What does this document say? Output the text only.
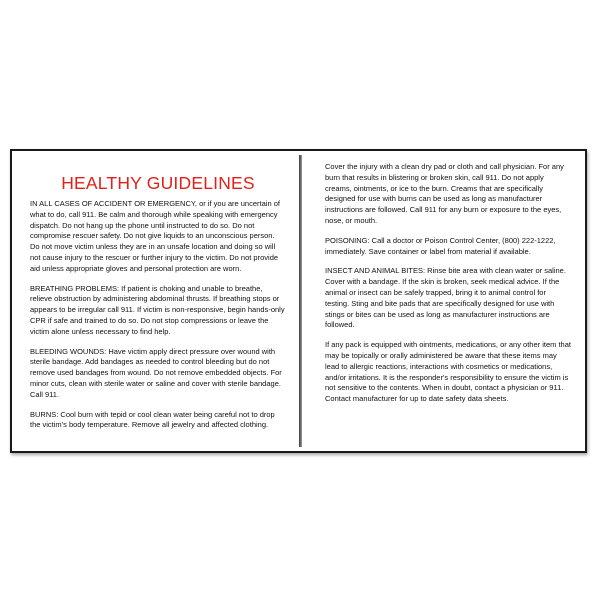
HEALTHY GUIDELINES

IN ALL CASES OF ACCIDENT OR EMERGENCY, or if you are uncertain of what to do, call 911. Be calm and thorough while speaking with emergency dispatch. Do not hang up the phone until instructed to do so. Do not compromise rescuer safety. Do not give liquids to an unconscious person. Do not move victim unless they are in an unsafe location and doing so will not cause injury to the rescuer or further injury to the victim. Do not provide aid unless appropriate gloves and personal protection are worn.

BREATHING PROBLEMS: If patient is choking and unable to breathe, relieve obstruction by administering abdominal thrusts. If breathing stops or appears to be irregular call 911. If victim is non-responsive, begin hands-only CPR if safe and trained to do so. Do not stop compressions or leave the victim alone unless necessary to find help.

BLEEDING WOUNDS: Have victim apply direct pressure over wound with sterile bandage. Add bandages as needed to control bleeding but do not remove used bandages from wound. Do not remove embedded objects. For minor cuts, clean with sterile water or saline and cover with sterile bandage. Call 911.

BURNS: Cool burn with tepid or cool clean water being careful not to drop the victim's body temperature. Remove all jewelry and affected clothing.

Cover the injury with a clean dry pad or cloth and call physician. For any burn that results in blistering or broken skin, call 911. Do not apply creams, ointments, or ice to the burn. Creams that are specifically designed for use with burns can be used as long as manufacturer instructions are followed. Call 911 for any burn or exposure to the eyes, nose, or mouth.

POISONING: Call a doctor or Poison Control Center, (800) 222-1222, immediately. Save container or label from material if available.

INSECT AND ANIMAL BITES: Rinse bite area with clean water or saline. Cover with a bandage. If the skin is broken, seek medical advice. If the animal or insect can be safely trapped, bring it to animal control for testing. Sting and bite pads that are specifically designed for use with stings or bites can be used as long as manufacturer instructions are followed.

If any pack is equipped with ointments, medications, or any other item that may be topically or orally administered be aware that these items may lead to allergic reactions, interactions with cosmetics or medications, and/or irritations. It is the responder's responsibility to ensure the victim is not sensitive to the contents. When in doubt, contact a physician or 911. Contact manufacturer for up to date safety data sheets.
